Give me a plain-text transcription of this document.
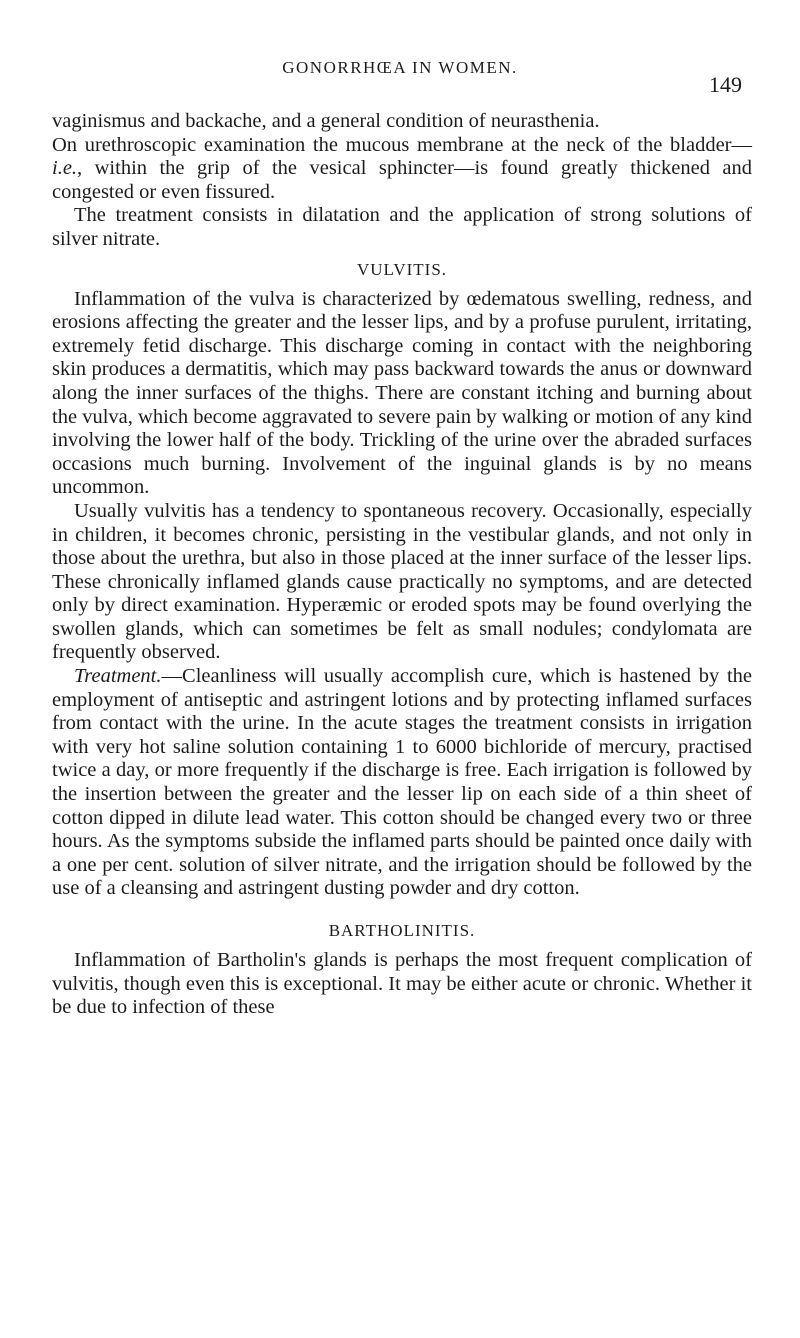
GONORRHŒA IN WOMEN.
149

vaginismus and backache, and a general condition of neurasthenia.

On urethroscopic examination the mucous membrane at the neck of the bladder—i.e., within the grip of the vesical sphincter—is found greatly thickened and congested or even fissured.

The treatment consists in dilatation and the application of strong solutions of silver nitrate.

VULVITIS.

Inflammation of the vulva is characterized by œdematous swelling, redness, and erosions affecting the greater and the lesser lips, and by a profuse purulent, irritating, extremely fetid discharge. This discharge coming in contact with the neighboring skin produces a dermatitis, which may pass backward towards the anus or downward along the inner surfaces of the thighs. There are constant itching and burning about the vulva, which become aggravated to severe pain by walking or motion of any kind involving the lower half of the body. Trickling of the urine over the abraded surfaces occasions much burning. Involvement of the inguinal glands is by no means uncommon.

Usually vulvitis has a tendency to spontaneous recovery. Occasionally, especially in children, it becomes chronic, persisting in the vestibular glands, and not only in those about the urethra, but also in those placed at the inner surface of the lesser lips. These chronically inflamed glands cause practically no symptoms, and are detected only by direct examination. Hyperæmic or eroded spots may be found overlying the swollen glands, which can sometimes be felt as small nodules; condylomata are frequently observed.

Treatment.—Cleanliness will usually accomplish cure, which is hastened by the employment of antiseptic and astringent lotions and by protecting inflamed surfaces from contact with the urine. In the acute stages the treatment consists in irrigation with very hot saline solution containing 1 to 6000 bichloride of mercury, practised twice a day, or more frequently if the discharge is free. Each irrigation is followed by the insertion between the greater and the lesser lip on each side of a thin sheet of cotton dipped in dilute lead water. This cotton should be changed every two or three hours. As the symptoms subside the inflamed parts should be painted once daily with a one per cent. solution of silver nitrate, and the irrigation should be followed by the use of a cleansing and astringent dusting powder and dry cotton.

BARTHOLINITIS.

Inflammation of Bartholin's glands is perhaps the most frequent complication of vulvitis, though even this is exceptional. It may be either acute or chronic. Whether it be due to infection of these
